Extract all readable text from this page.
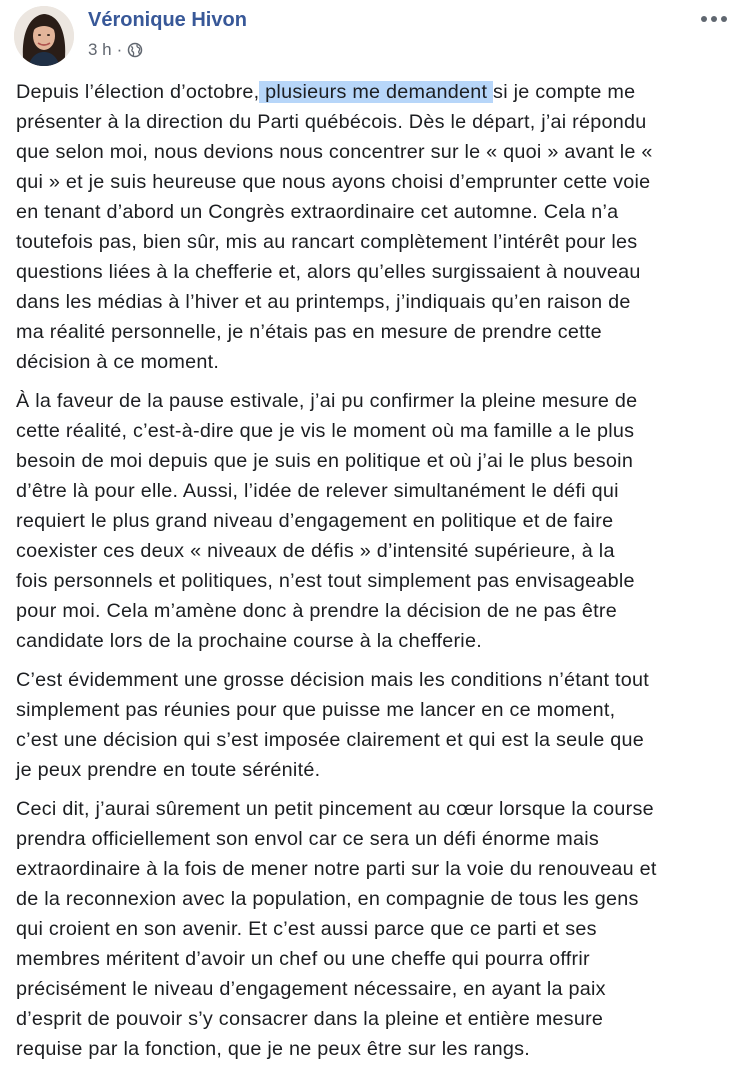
Véronique Hivon
3 h ·

Depuis l’élection d’octobre, plusieurs me demandent si je compte me
présenter à la direction du Parti québécois. Dès le départ, j’ai répondu
que selon moi, nous devions nous concentrer sur le « quoi » avant le «
qui » et je suis heureuse que nous ayons choisi d’emprunter cette voie
en tenant d’abord un Congrès extraordinaire cet automne. Cela n’a
toutefois pas, bien sûr, mis au rancart complètement l’intérêt pour les
questions liées à la chefferie et, alors qu’elles surgissaient à nouveau
dans les médias à l’hiver et au printemps, j’indiquais qu’en raison de
ma réalité personnelle, je n’étais pas en mesure de prendre cette
décision à ce moment.

À la faveur de la pause estivale, j’ai pu confirmer la pleine mesure de
cette réalité, c’est-à-dire que je vis le moment où ma famille a le plus
besoin de moi depuis que je suis en politique et où j’ai le plus besoin
d’être là pour elle. Aussi, l’idée de relever simultanément le défi qui
requiert le plus grand niveau d’engagement en politique et de faire
coexister ces deux « niveaux de défis » d’intensité supérieure, à la
fois personnels et politiques, n’est tout simplement pas envisageable
pour moi. Cela m’amène donc à prendre la décision de ne pas être
candidate lors de la prochaine course à la chefferie.

C’est évidemment une grosse décision mais les conditions n’étant tout
simplement pas réunies pour que puisse me lancer en ce moment,
c’est une décision qui s’est imposée clairement et qui est la seule que
je peux prendre en toute sérénité.

Ceci dit, j’aurai sûrement un petit pincement au cœur lorsque la course
prendra officiellement son envol car ce sera un défi énorme mais
extraordinaire à la fois de mener notre parti sur la voie du renouveau et
de la reconnexion avec la population, en compagnie de tous les gens
qui croient en son avenir. Et c’est aussi parce que ce parti et ses
membres méritent d’avoir un chef ou une cheffe qui pourra offrir
précisément le niveau d’engagement nécessaire, en ayant la paix
d’esprit de pouvoir s’y consacrer dans la pleine et entière mesure
requise par la fonction, que je ne peux être sur les rangs.
